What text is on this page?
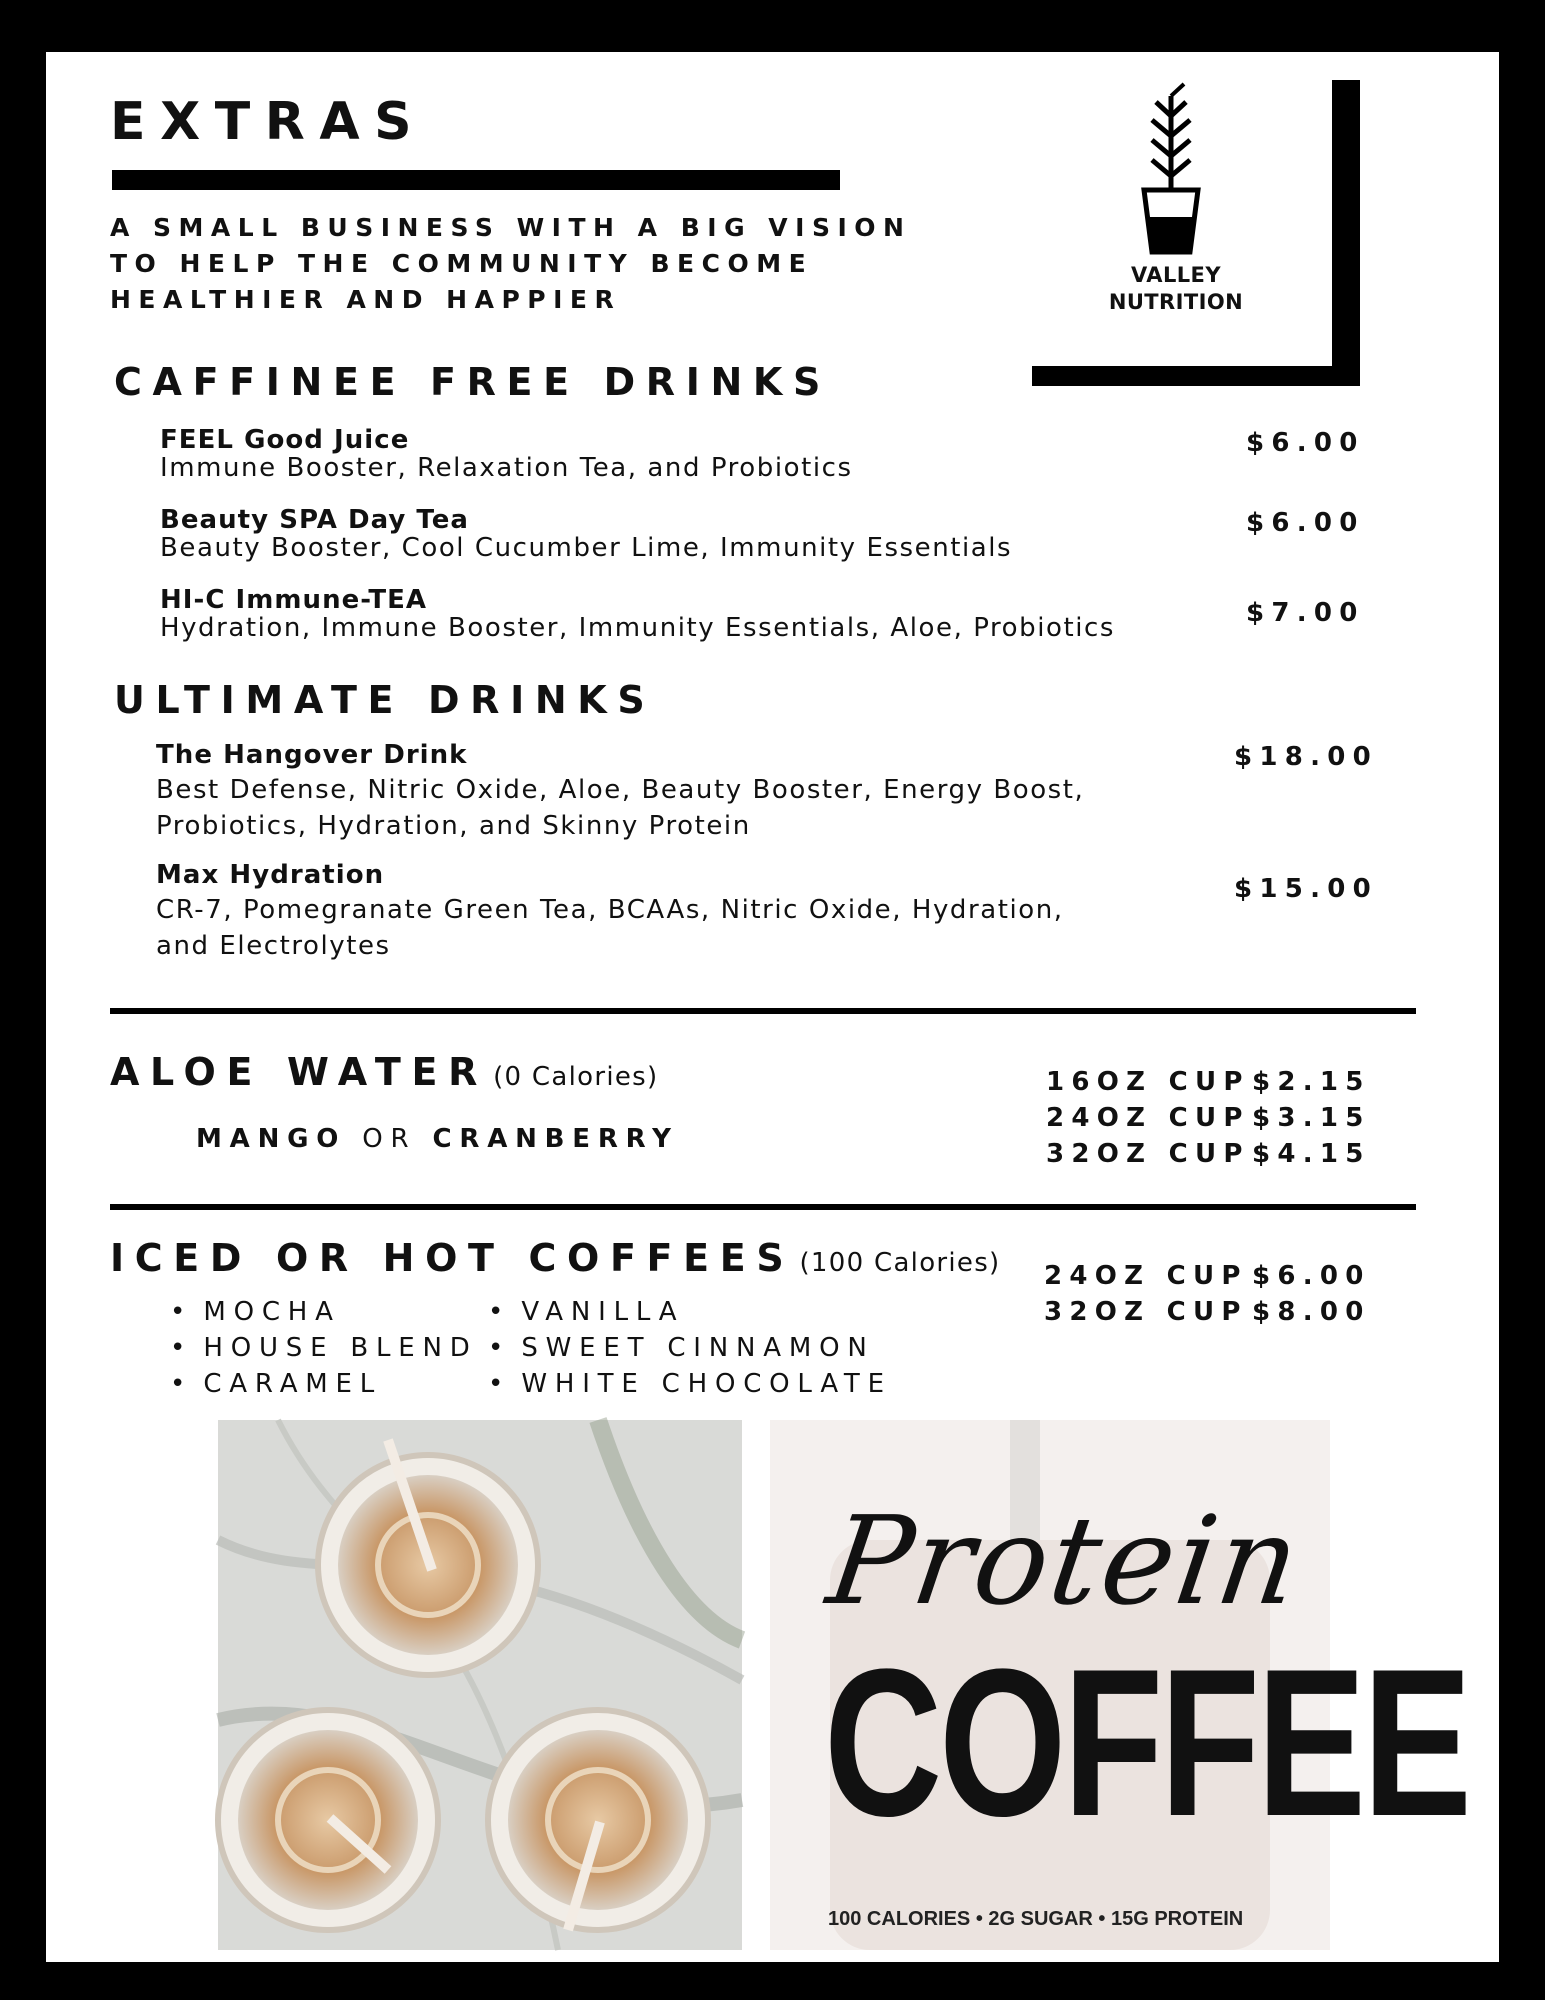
EXTRAS
A SMALL BUSINESS WITH A BIG VISION
TO HELP THE COMMUNITY BECOME
HEALTHIER AND HAPPIER
VALLEY
NUTRITION
CAFFINEE FREE DRINKS
FEEL Good Juice
Immune Booster, Relaxation Tea, and Probiotics
$6.00
Beauty SPA Day Tea
Beauty Booster, Cool Cucumber Lime, Immunity Essentials
$6.00
HI-C Immune-TEA
Hydration, Immune Booster, Immunity Essentials, Aloe, Probiotics	$7.00
ULTIMATE DRINKS
The Hangover Drink
Best Defense, Nitric Oxide, Aloe, Beauty Booster, Energy Boost,
Probiotics, Hydration, and Skinny Protein
$18.00
Max Hydration
CR-7, Pomegranate Green Tea, BCAAs, Nitric Oxide, Hydration,
and Electrolytes
$15.00
ALOE WATER (0 Calories)
MANGO OR CRANBERRY
16OZ CUP$2.15
24OZ CUP$3.15
32OZ CUP$4.15
ICED OR HOT COFFEES (100 Calories)
• MOCHA
• HOUSE BLEND
• CARAMEL
• VANILLA
• SWEET CINNAMON
• WHITE CHOCOLATE
24OZ CUP $6.00
32OZ CUP $8.00
Protein
COFFEE
100 CALORIES • 2G SUGAR • 15G PROTEIN
